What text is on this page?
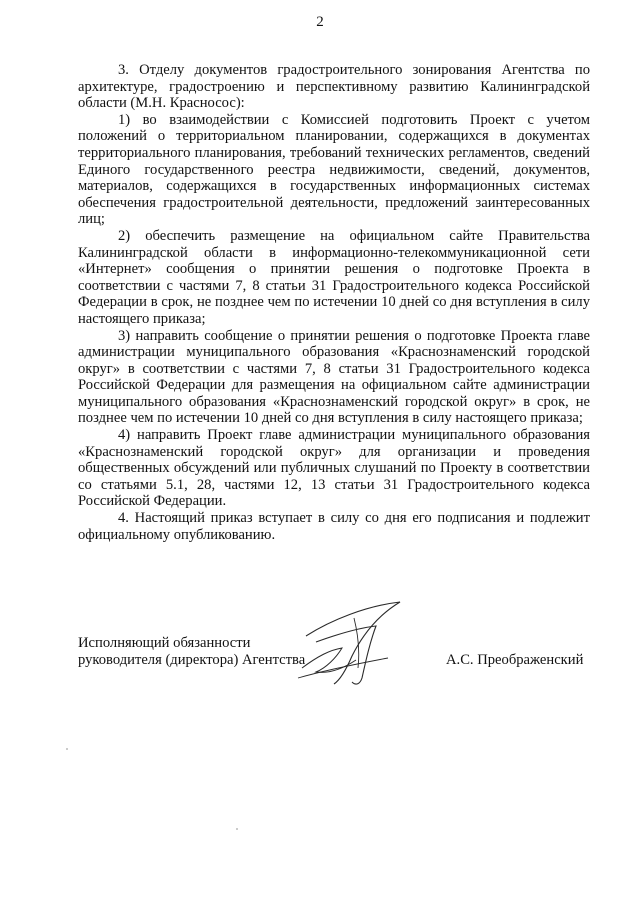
2

3. Отделу документов градостроительного зонирования Агентства по архитектуре, градостроению и перспективному развитию Калининградской области (М.Н. Красносос):

1) во взаимодействии с Комиссией подготовить Проект с учетом положений о территориальном планировании, содержащихся в документах территориального планирования, требований технических регламентов, сведений Единого государственного реестра недвижимости, сведений, документов, материалов, содержащихся в государственных информационных системах обеспечения градостроительной деятельности, предложений заинтересованных лиц;

2) обеспечить размещение на официальном сайте Правительства Калининградской области в информационно-телекоммуникационной сети «Интернет» сообщения о принятии решения о подготовке Проекта в соответствии с частями 7, 8 статьи 31 Градостроительного кодекса Российской Федерации в срок, не позднее чем по истечении 10 дней со дня вступления в силу настоящего приказа;

3) направить сообщение о принятии решения о подготовке Проекта главе администрации муниципального образования «Краснознаменский городской округ» в соответствии с частями 7, 8 статьи 31 Градостроительного кодекса Российской Федерации для размещения на официальном сайте администрации муниципального образования «Краснознаменский городской округ» в срок, не позднее чем по истечении 10 дней со дня вступления в силу настоящего приказа;

4) направить Проект главе администрации муниципального образования «Краснознаменский городской округ» для организации и проведения общественных обсуждений или публичных слушаний по Проекту в соответствии со статьями 5.1, 28, частями 12, 13 статьи 31 Градостроительного кодекса Российской Федерации.

4. Настоящий приказ вступает в силу со дня его подписания и подлежит официальному опубликованию.

Исполняющий обязанности
руководителя (директора) Агентства	А.С. Преображенский
